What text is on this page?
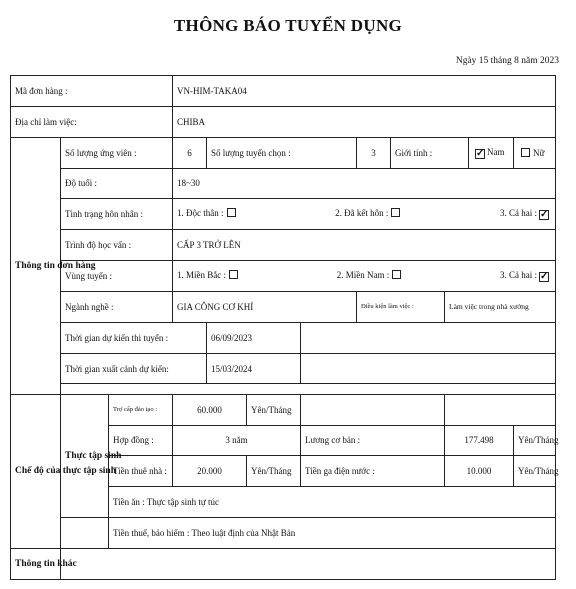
THÔNG BÁO TUYỂN DỤNG
Ngày 15 tháng 8 năm 2023
Mã đơn hàng :			VN-HIM-TAKA04								
Địa chỉ làm việc:			CHIBA								
Thông tin đơn hàng	Số lượng ứng viên :		6	Số lượng tuyển chọn :			3	Giới tính :	✓Nam	Nữ
	Độ tuổi :		18~30								
	Tình trạng hôn nhân :		1. Độc thân : 2. Đã kết hôn : 3. Cả hai :✓

	Trình độ học vấn :		CẤP 3 TRỞ LÊN								
	Vùng tuyển :		1. Miền Bắc : 2. Miền Nam : 3. Cả hai :✓

	Ngành nghề :		GIA CÔNG CƠ KHÍ				Điều kiện làm việc :		Làm việc trong nhà xưởng		
	Thời gian dự kiến thi tuyển :			06/09/2023							
	Thời gian xuất cảnh dự kiến:			15/03/2024							

Chế độ của thực tập sinh	Thực tập sinh	Trợ cấp đào tạo :	60.000		Yên/Tháng						
		Hợp đồng :	3 năm			Lương cơ bản :			177.498		Yên/Tháng
		Tiền thuê nhà :	20.000		Yên/Tháng	Tiền ga điện nước :			10.000		Yên/Tháng
		Tiền ăn : Thực tập sinh tự túc									
		Tiền thuế, bảo hiểm : Theo luật định của Nhật Bản									
Thông tin khác											
